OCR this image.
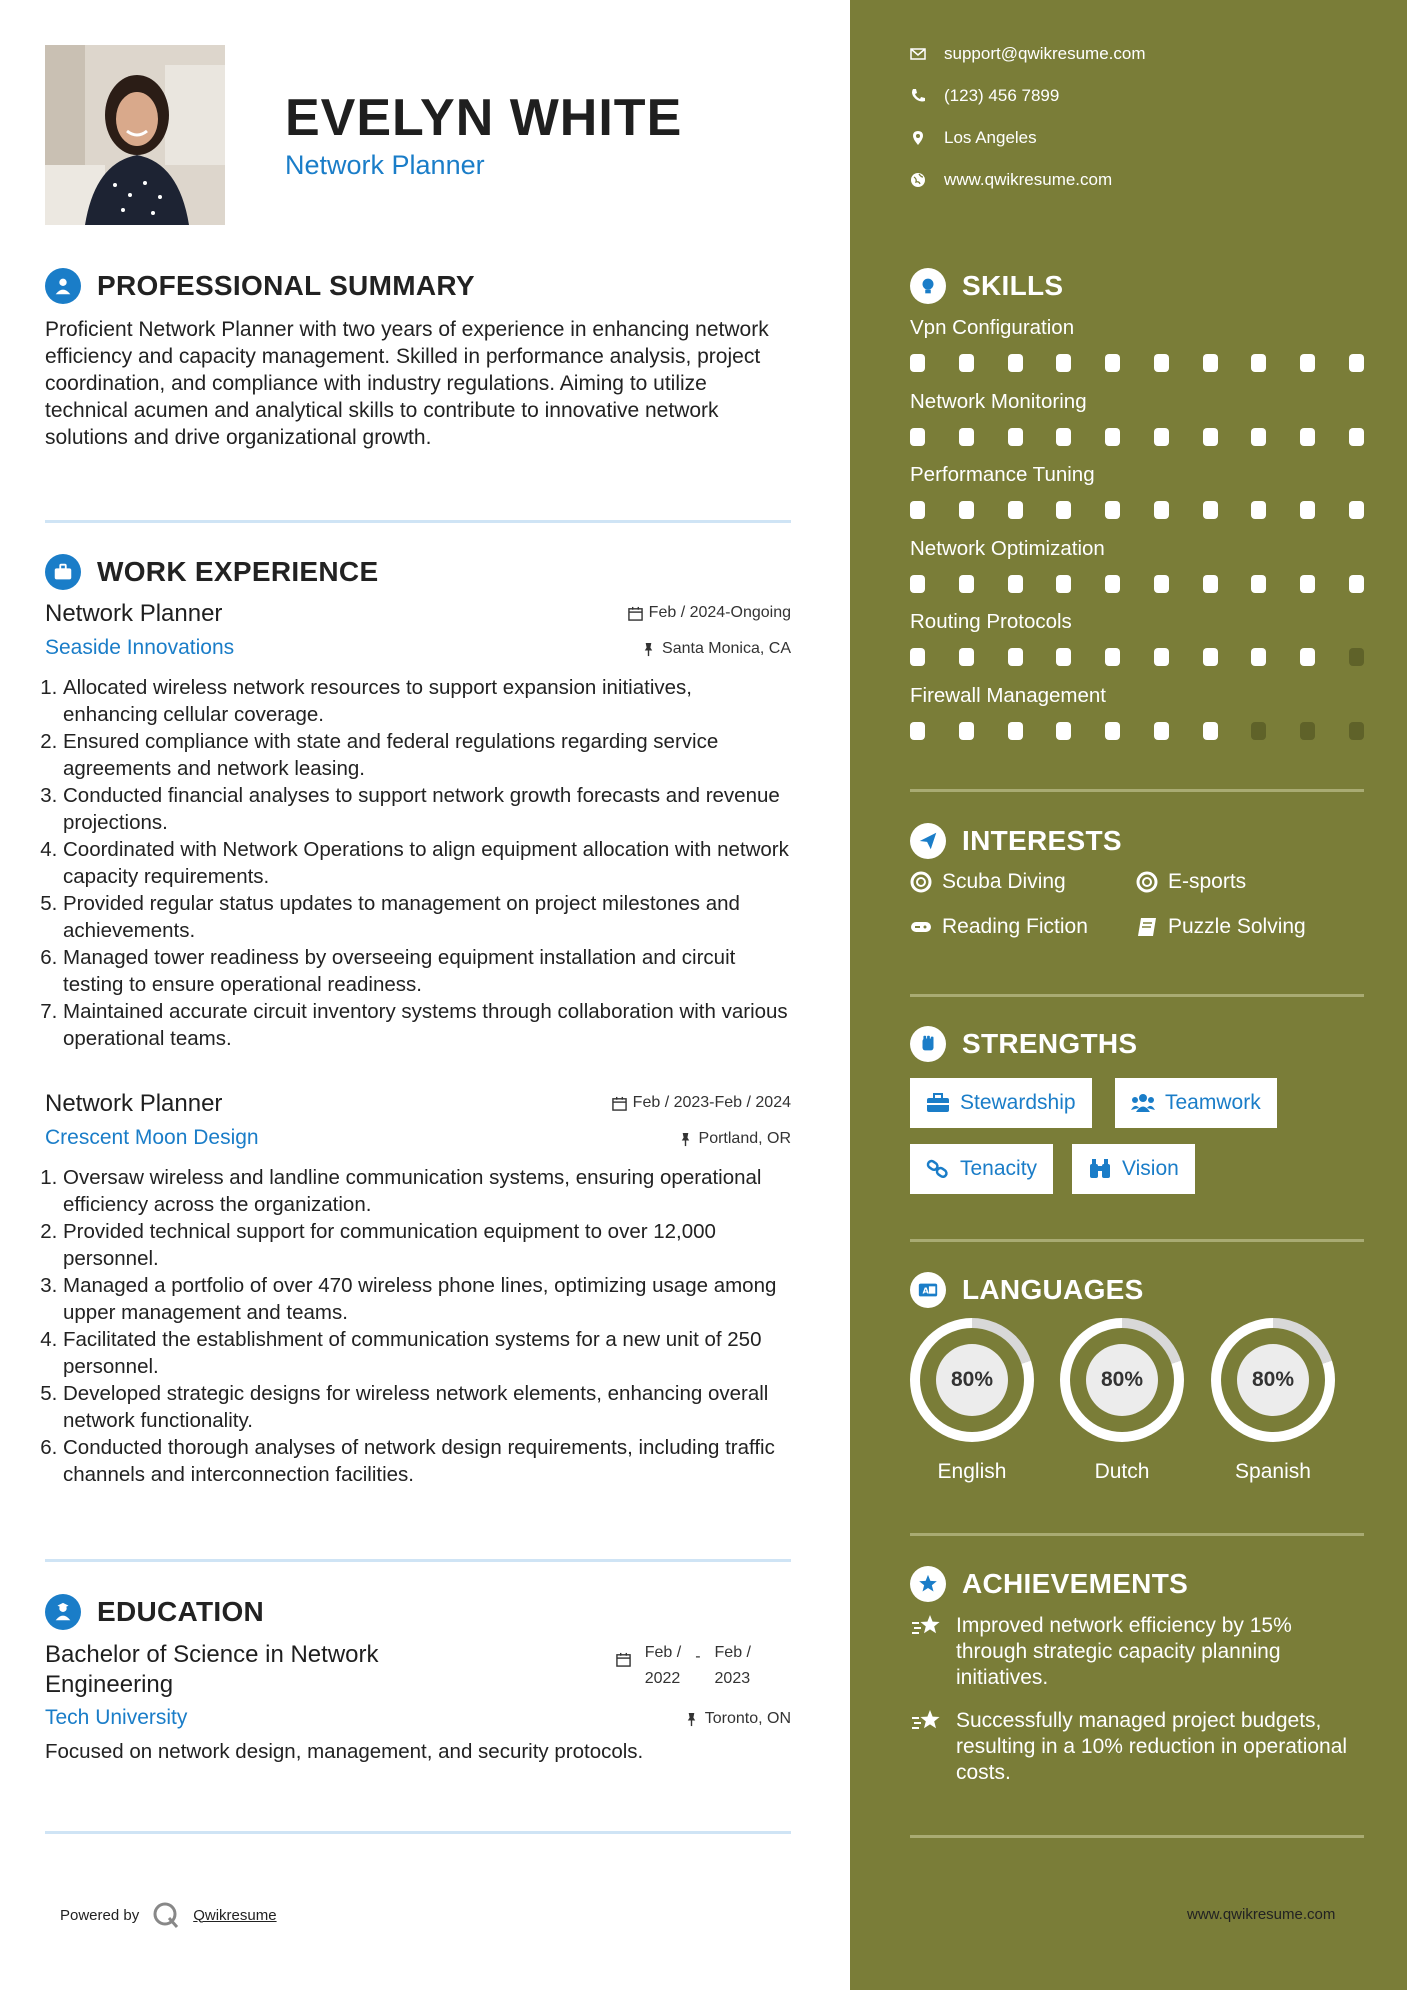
EVELYN WHITE
Network Planner
PROFESSIONAL SUMMARY
Proficient Network Planner with two years of experience in enhancing network efficiency and capacity management. Skilled in performance analysis, project coordination, and compliance with industry regulations. Aiming to utilize technical acumen and analytical skills to contribute to innovative network solutions and drive organizational growth.
WORK EXPERIENCE
Network Planner
Seaside Innovations
Feb / 2024-Ongoing
Santa Monica, CA
1. Allocated wireless network resources to support expansion initiatives, enhancing cellular coverage.
2. Ensured compliance with state and federal regulations regarding service agreements and network leasing.
3. Conducted financial analyses to support network growth forecasts and revenue projections.
4. Coordinated with Network Operations to align equipment allocation with network capacity requirements.
5. Provided regular status updates to management on project milestones and achievements.
6. Managed tower readiness by overseeing equipment installation and circuit testing to ensure operational readiness.
7. Maintained accurate circuit inventory systems through collaboration with various operational teams.
Network Planner
Crescent Moon Design
Feb / 2023-Feb / 2024
Portland, OR
1. Oversaw wireless and landline communication systems, ensuring operational efficiency across the organization.
2. Provided technical support for communication equipment to over 12,000 personnel.
3. Managed a portfolio of over 470 wireless phone lines, optimizing usage among upper management and teams.
4. Facilitated the establishment of communication systems for a new unit of 250 personnel.
5. Developed strategic designs for wireless network elements, enhancing overall network functionality.
6. Conducted thorough analyses of network design requirements, including traffic channels and interconnection facilities.
EDUCATION
Bachelor of Science in Network Engineering
Tech University
Feb /
2022
- Feb /
2023
Toronto, ON
Focused on network design, management, and security protocols.
Powered by	Qwikresume
support@qwikresume.com
(123) 456 7899
Los Angeles
www.qwikresume.com
SKILLS
Vpn Configuration
Network Monitoring
Performance Tuning
Network Optimization
Routing Protocols
Firewall Management
INTERESTS
Scuba Diving	E-sports
Reading Fiction	Puzzle Solving
STRENGTHS
Stewardship	Teamwork
Tenacity	Vision
A LANGUAGES
80%
English
80%
Dutch
80%
Spanish
ACHIEVEMENTS
Improved network efficiency by 15% through strategic capacity planning initiatives.
Successfully managed project budgets, resulting in a 10% reduction in operational costs.
www.qwikresume.com
